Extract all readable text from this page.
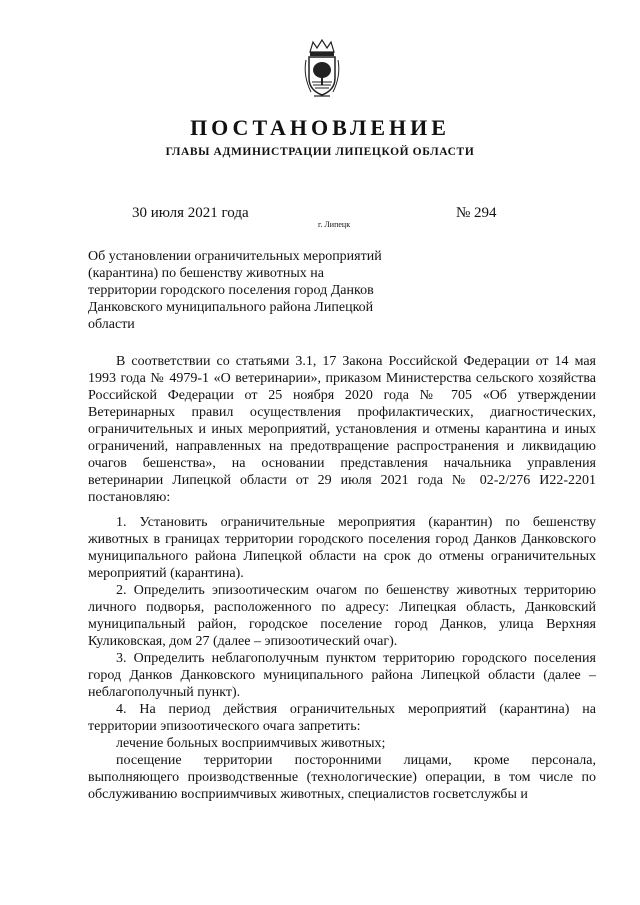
ПОСТАНОВЛЕНИЕ
ГЛАВЫ АДМИНИСТРАЦИИ ЛИПЕЦКОЙ ОБЛАСТИ
30 июля 2021 года
г. Липецк
№ 294
Об установлении ограничительных мероприятий (карантина) по бешенству животных на территории городского поселения город Данков Данковского муниципального района Липецкой области

В соответствии со статьями 3.1, 17 Закона Российской Федерации от 14 мая 1993 года № 4979-1 «О ветеринарии», приказом Министерства сельского хозяйства Российской Федерации от 25 ноября 2020 года № 705 «Об утверждении Ветеринарных правил осуществления профилактических, диагностических, ограничительных и иных мероприятий, установления и отмены карантина и иных ограничений, направленных на предотвращение распространения и ликвидацию очагов бешенства», на основании представления начальника управления ветеринарии Липецкой области от 29 июля 2021 года № 02-2/276 И22-2201 постановляю:

1. Установить ограничительные мероприятия (карантин) по бешенству животных в границах территории городского поселения город Данков Данковского муниципального района Липецкой области на срок до отмены ограничительных мероприятий (карантина).

2. Определить эпизоотическим очагом по бешенству животных территорию личного подворья, расположенного по адресу: Липецкая область, Данковский муниципальный район, городское поселение город Данков, улица Верхняя Куликовская, дом 27 (далее – эпизоотический очаг).

3. Определить неблагополучным пунктом территорию городского поселения город Данков Данковского муниципального района Липецкой области (далее – неблагополучный пункт).

4. На период действия ограничительных мероприятий (карантина) на территории эпизоотического очага запретить:

лечение больных восприимчивых животных;

посещение территории посторонними лицами, кроме персонала, выполняющего производственные (технологические) операции, в том числе по обслуживанию восприимчивых животных, специалистов госветслужбы и
